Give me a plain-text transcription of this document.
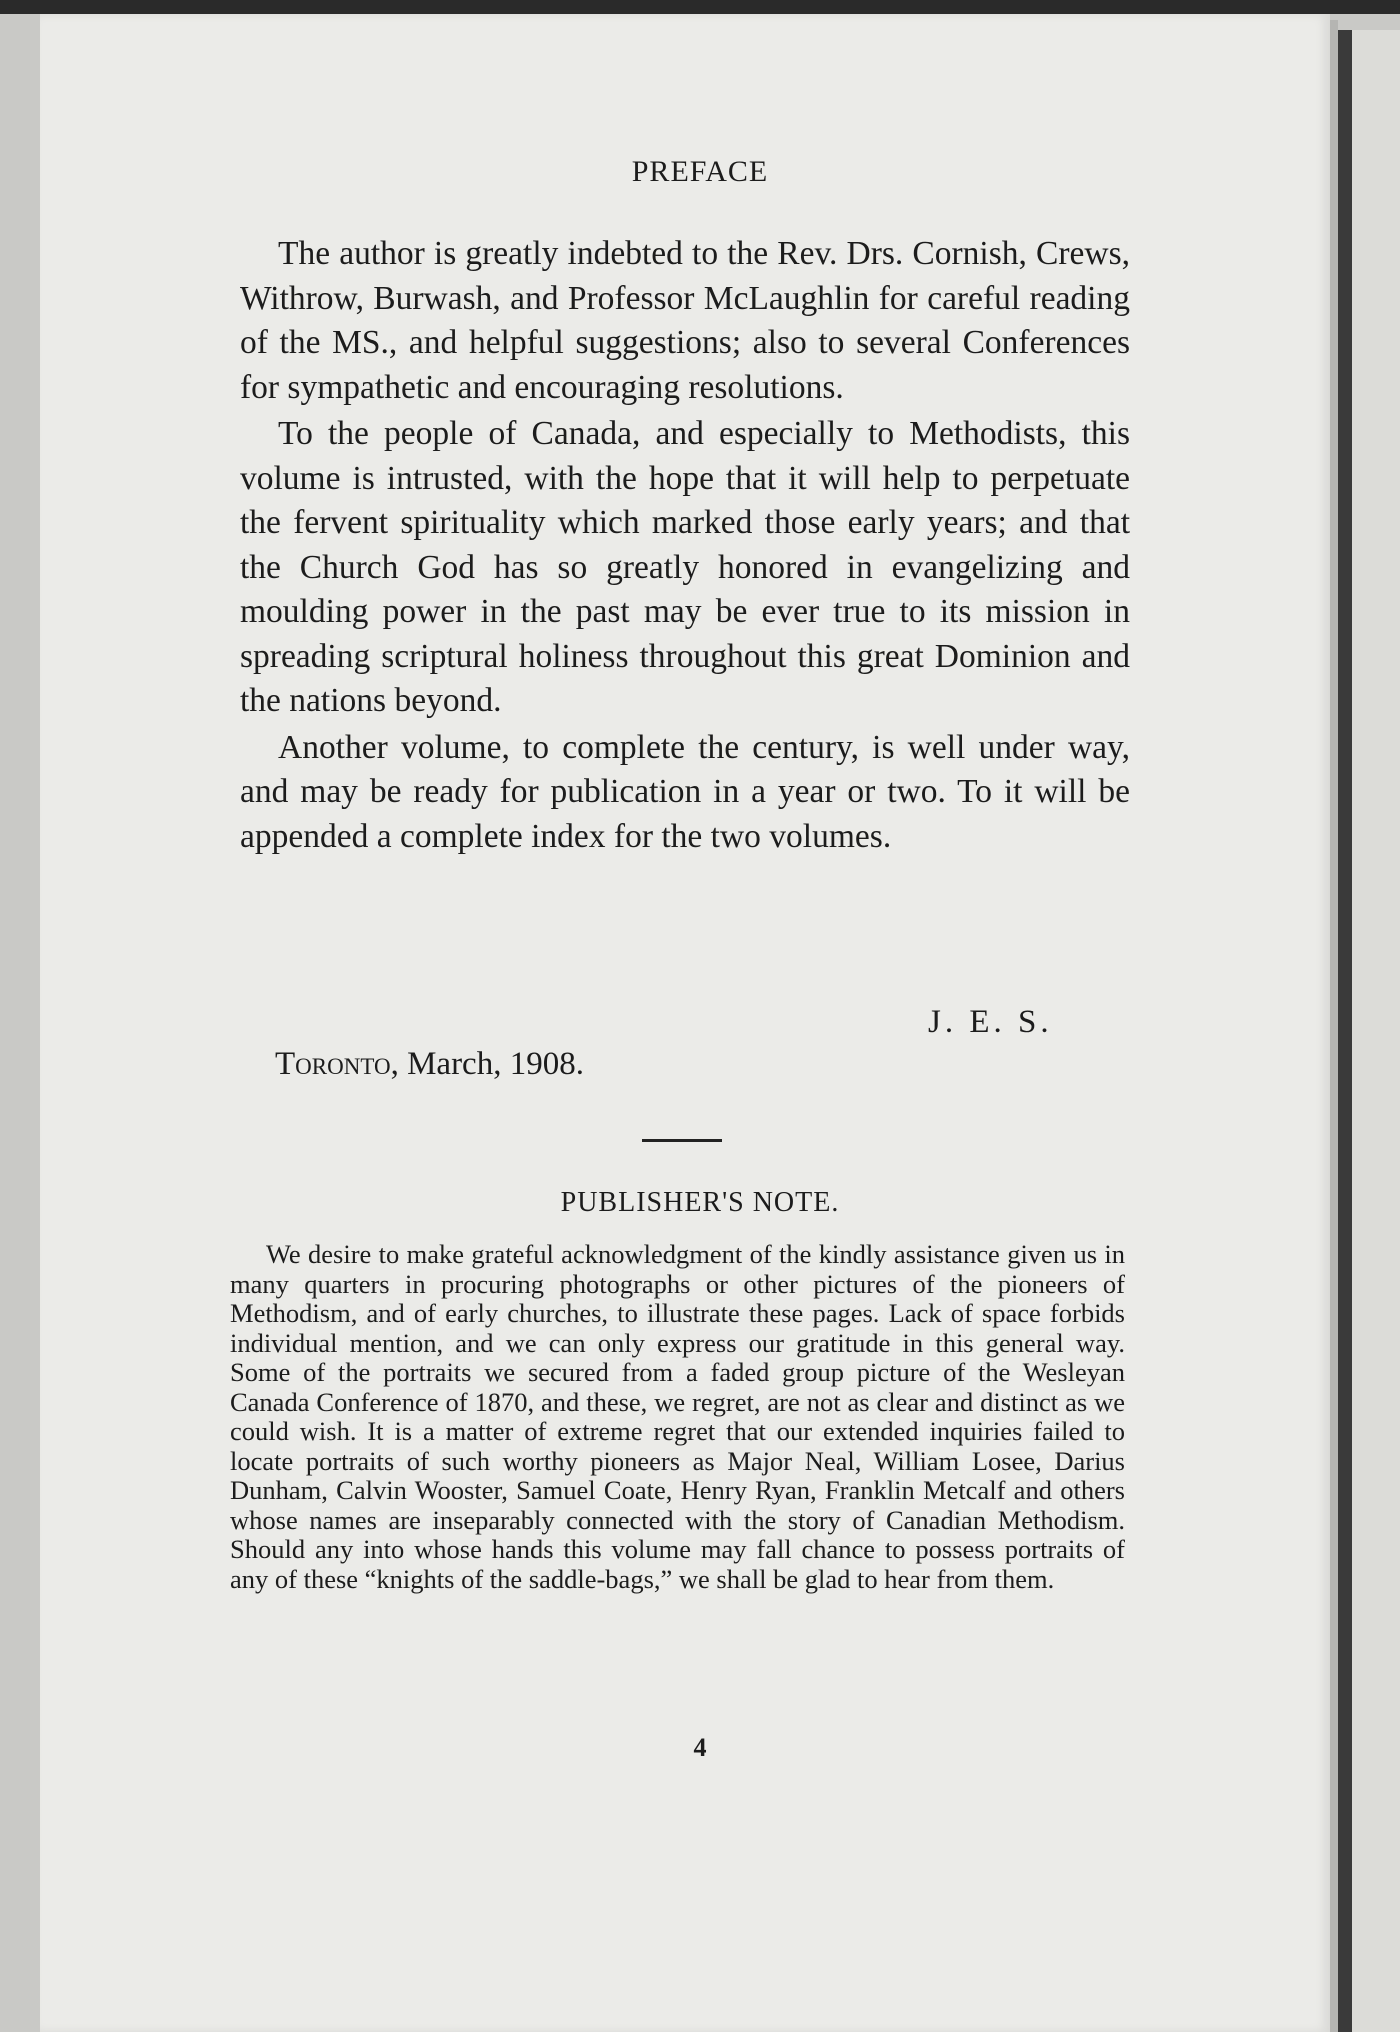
PREFACE

The author is greatly indebted to the Rev. Drs. Cornish, Crews, Withrow, Burwash, and Professor McLaughlin for careful reading of the MS., and helpful suggestions; also to several Conferences for sympathetic and encouraging resolutions.

To the people of Canada, and especially to Methodists, this volume is intrusted, with the hope that it will help to perpetuate the fervent spirituality which marked those early years; and that the Church God has so greatly honored in evangelizing and moulding power in the past may be ever true to its mission in spreading scriptural holiness throughout this great Dominion and the nations beyond.

Another volume, to complete the century, is well under way, and may be ready for publication in a year or two. To it will be appended a complete index for the two volumes.

J. E. S.
Toronto, March, 1908.
PUBLISHER'S NOTE.

We desire to make grateful acknowledgment of the kindly assistance given us in many quarters in procuring photographs or other pictures of the pioneers of Methodism, and of early churches, to illustrate these pages. Lack of space forbids individual mention, and we can only express our gratitude in this general way. Some of the portraits we secured from a faded group picture of the Wesleyan Canada Conference of 1870, and these, we regret, are not as clear and distinct as we could wish. It is a matter of extreme regret that our extended inquiries failed to locate portraits of such worthy pioneers as Major Neal, William Losee, Darius Dunham, Calvin Wooster, Samuel Coate, Henry Ryan, Franklin Metcalf and others whose names are inseparably connected with the story of Canadian Methodism. Should any into whose hands this volume may fall chance to possess portraits of any of these “knights of the saddle-bags,” we shall be glad to hear from them.

4
